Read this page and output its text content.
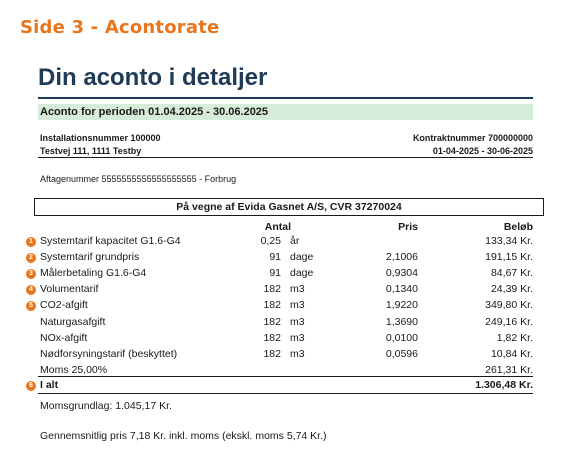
Side 3 - Acontorate
Din aconto i detaljer
Aconto for perioden 01.04.2025 - 30.06.2025
Installationsnummer 100000	Kontraktnummer 700000000
Testvej 111, 1111 Testby	01-04-2025 - 30-06-2025
Aftagenummer 5555555555555555555 - Forbrug
På vegne af Evida Gasnet A/S, CVR 37270024
Antal	Pris	Beløb
1 Systemtarif kapacitet G1.6-G4	0,25 år	133,34 Kr.
2 Systemtarif grundpris	91 dage	2,1006	191,15 Kr.
3 Målerbetaling G1.6-G4	91 dage	0,9304	84,67 Kr.
4 Volumentarif	182 m3	0,1340	24,39 Kr.
5 CO2-afgift	182 m3	1,9220	349,80 Kr.
Naturgasafgift	182 m3	1,3690	249,16 Kr.
NOx-afgift	182 m3	0,0100	1,82 Kr.
Nødforsyningstarif (beskyttet)	182 m3	0,0596	10,84 Kr.
Moms 25,00%	261,31 Kr.
6 I alt	1.306,48 Kr.
Momsgrundlag: 1.045,17 Kr.
Gennemsnitlig pris 7,18 Kr. inkl. moms (ekskl. moms 5,74 Kr.)
